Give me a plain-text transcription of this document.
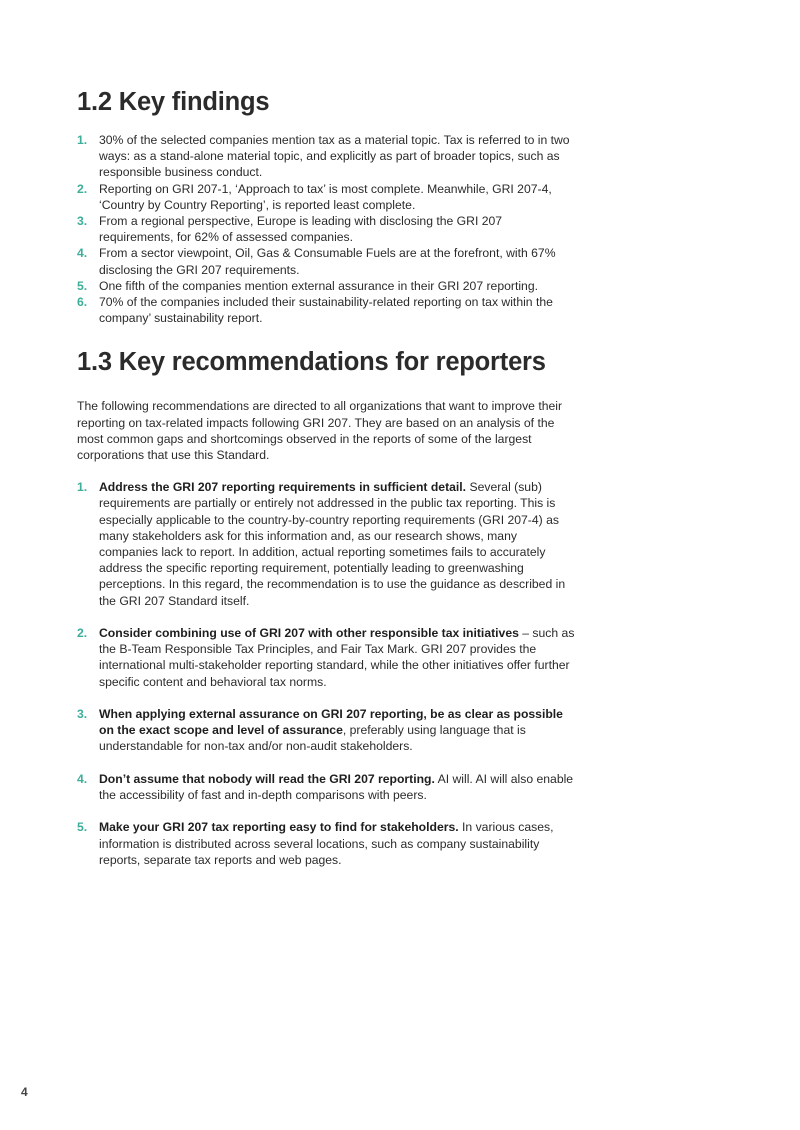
1.2 Key findings
1. 30% of the selected companies mention tax as a material topic. Tax is referred to in two ways: as a stand-alone material topic, and explicitly as part of broader topics, such as responsible business conduct.
2. Reporting on GRI 207-1, ‘Approach to tax’ is most complete. Meanwhile, GRI 207-4, ‘Country by Country Reporting’, is reported least complete.
3. From a regional perspective, Europe is leading with disclosing the GRI 207 requirements, for 62% of assessed companies.
4. From a sector viewpoint, Oil, Gas & Consumable Fuels are at the forefront, with 67% disclosing the GRI 207 requirements.
5. One fifth of the companies mention external assurance in their GRI 207 reporting.
6. 70% of the companies included their sustainability-related reporting on tax within the company’ sustainability report.
1.3 Key recommendations for reporters

The following recommendations are directed to all organizations that want to improve their reporting on tax-related impacts following GRI 207. They are based on an analysis of the most common gaps and shortcomings observed in the reports of some of the largest corporations that use this Standard.

1. Address the GRI 207 reporting requirements in sufficient detail. Several (sub) requirements are partially or entirely not addressed in the public tax reporting. This is especially applicable to the country-by-country reporting requirements (GRI 207-4) as many stakeholders ask for this information and, as our research shows, many companies lack to report. In addition, actual reporting sometimes fails to accurately address the specific reporting requirement, potentially leading to greenwashing perceptions. In this regard, the recommendation is to use the guidance as described in the GRI 207 Standard itself.
2. Consider combining use of GRI 207 with other responsible tax initiatives – such as the B-Team Responsible Tax Principles, and Fair Tax Mark. GRI 207 provides the international multi-stakeholder reporting standard, while the other initiatives offer further specific content and behavioral tax norms.
3. When applying external assurance on GRI 207 reporting, be as clear as possible on the exact scope and level of assurance, preferably using language that is understandable for non-tax and/or non-audit stakeholders.
4. Don’t assume that nobody will read the GRI 207 reporting. AI will. AI will also enable the accessibility of fast and in-depth comparisons with peers.
5. Make your GRI 207 tax reporting easy to find for stakeholders. In various cases, information is distributed across several locations, such as company sustainability reports, separate tax reports and web pages.
4
